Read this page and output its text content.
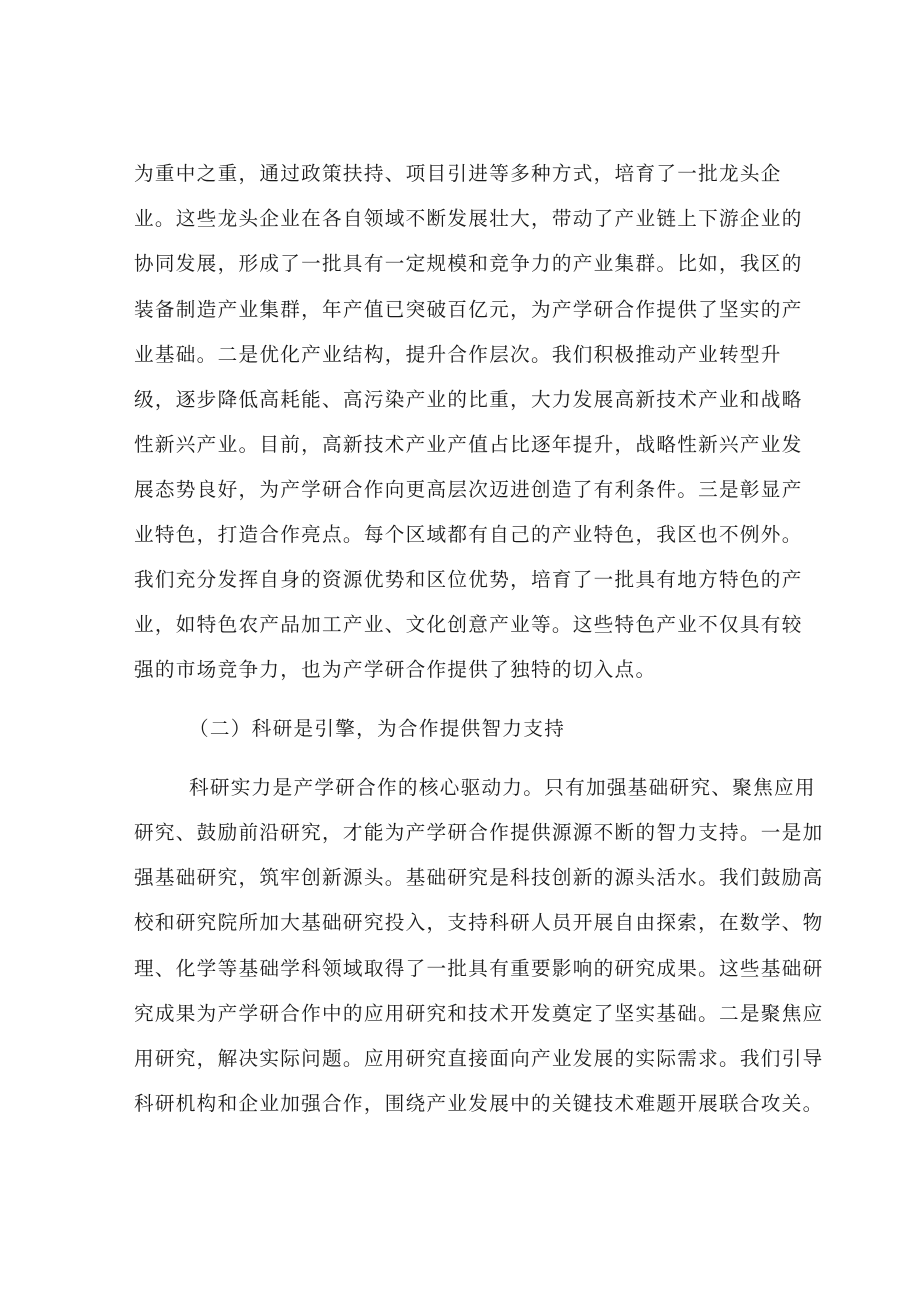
为重中之重，通过政策扶持、项目引进等多种方式，培育了一批龙头企
业。这些龙头企业在各自领域不断发展壮大，带动了产业链上下游企业的
协同发展，形成了一批具有一定规模和竞争力的产业集群。比如，我区的
装备制造产业集群，年产值已突破百亿元，为产学研合作提供了坚实的产
业基础。二是优化产业结构，提升合作层次。我们积极推动产业转型升
级，逐步降低高耗能、高污染产业的比重，大力发展高新技术产业和战略
性新兴产业。目前，高新技术产业产值占比逐年提升，战略性新兴产业发
展态势良好，为产学研合作向更高层次迈进创造了有利条件。三是彰显产
业特色，打造合作亮点。每个区域都有自己的产业特色，我区也不例外。
我们充分发挥自身的资源优势和区位优势，培育了一批具有地方特色的产
业，如特色农产品加工产业、文化创意产业等。这些特色产业不仅具有较
强的市场竞争力，也为产学研合作提供了独特的切入点。
（二）科研是引擎，为合作提供智力支持
科研实力是产学研合作的核心驱动力。只有加强基础研究、聚焦应用
研究、鼓励前沿研究，才能为产学研合作提供源源不断的智力支持。一是加
强基础研究，筑牢创新源头。基础研究是科技创新的源头活水。我们鼓励高
校和研究院所加大基础研究投入，支持科研人员开展自由探索，在数学、物
理、化学等基础学科领域取得了一批具有重要影响的研究成果。这些基础研
究成果为产学研合作中的应用研究和技术开发奠定了坚实基础。二是聚焦应
用研究，解决实际问题。应用研究直接面向产业发展的实际需求。我们引导
科研机构和企业加强合作，围绕产业发展中的关键技术难题开展联合攻关。
